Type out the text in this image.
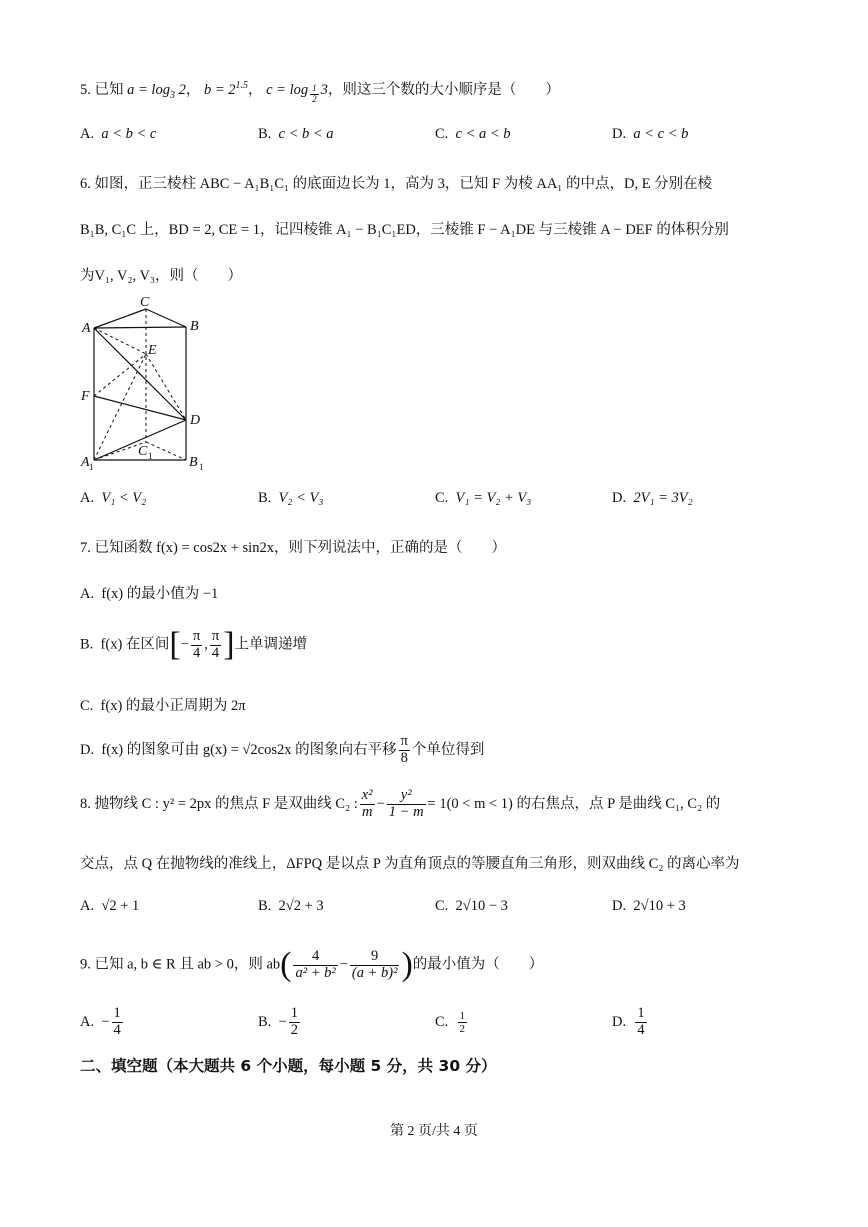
5. 已知 $a = \log_3 2$， $b = 2^{1.5}$， $c = \log \frac{1}{2} 3$，则这三个数的大小顺序是（　　）
A. a < b < c	B. c < b < a	C. c < a < b	D. a < c < b
6. 如图，正三棱柱 ABC − A₁B₁C₁ 的底面边长为 1，高为 3，已知 F 为棱 AA₁ 的中点，D, E 分别在棱
B₁B, C₁C 上，BD = 2, CE = 1，记四棱锥 A₁ − B₁C₁ED，三棱锥 F − A₁DE 与三棱锥 A − DEF 的体积分别
为V₁, V₂, V₃，则（　　）
C
A	B
E
F
D
A 1
C 1	B 1
A. V₁ < V₂	B. V₂ < V₃	C. V₁ = V₂ + V₃	D. 2V₁ = 3V₂
7. 已知函数 f(x) = cos2x + sin2x，则下列说法中，正确的是（　　）
A. f(x) 的最小值为 −1
B. f(x) 在区间[− $\frac{\pi}{4}$ , $\frac{\pi}{4}$ ]上单调递增
C. f(x) 的最小正周期为 2π
D. f(x) 的图象可由 g(x) = √2cos2x 的图象向右平移 $\frac{\pi}{8}$ 个单位得到
8. 抛物线 C : y² = 2px 的焦点 F 是双曲线 C₂ : $\frac{\text{x²}}{m} - \frac{\text{y²}}{1 - m} = 1(0 < m < 1)$ 的右焦点，点 P 是曲线 C₁, C₂ 的
交点，点 Q 在抛物线的准线上，ΔFPQ 是以点 P 为直角顶点的等腰直角三角形，则双曲线 C₂ 的离心率为
A. √2 + 1	B. 2√2 + 3	C. 2√10 − 3	D. 2√10 + 3
9. 已知 a, b ∈ R 且 ab > 0，则 $ab( \frac{4}{\text{a² + b²}} - \frac{9}{\text{(a + b)²}}$ )的最小值为（　　）
A. − $\frac{1}{4}$	B. − $\frac{1}{2}$	C. $\frac{1}{2}$	D. $\frac{1}{4}$
二、填空题（本大题共 6 个小题，每小题 5 分，共 30 分）
第 2 页/共 4 页
